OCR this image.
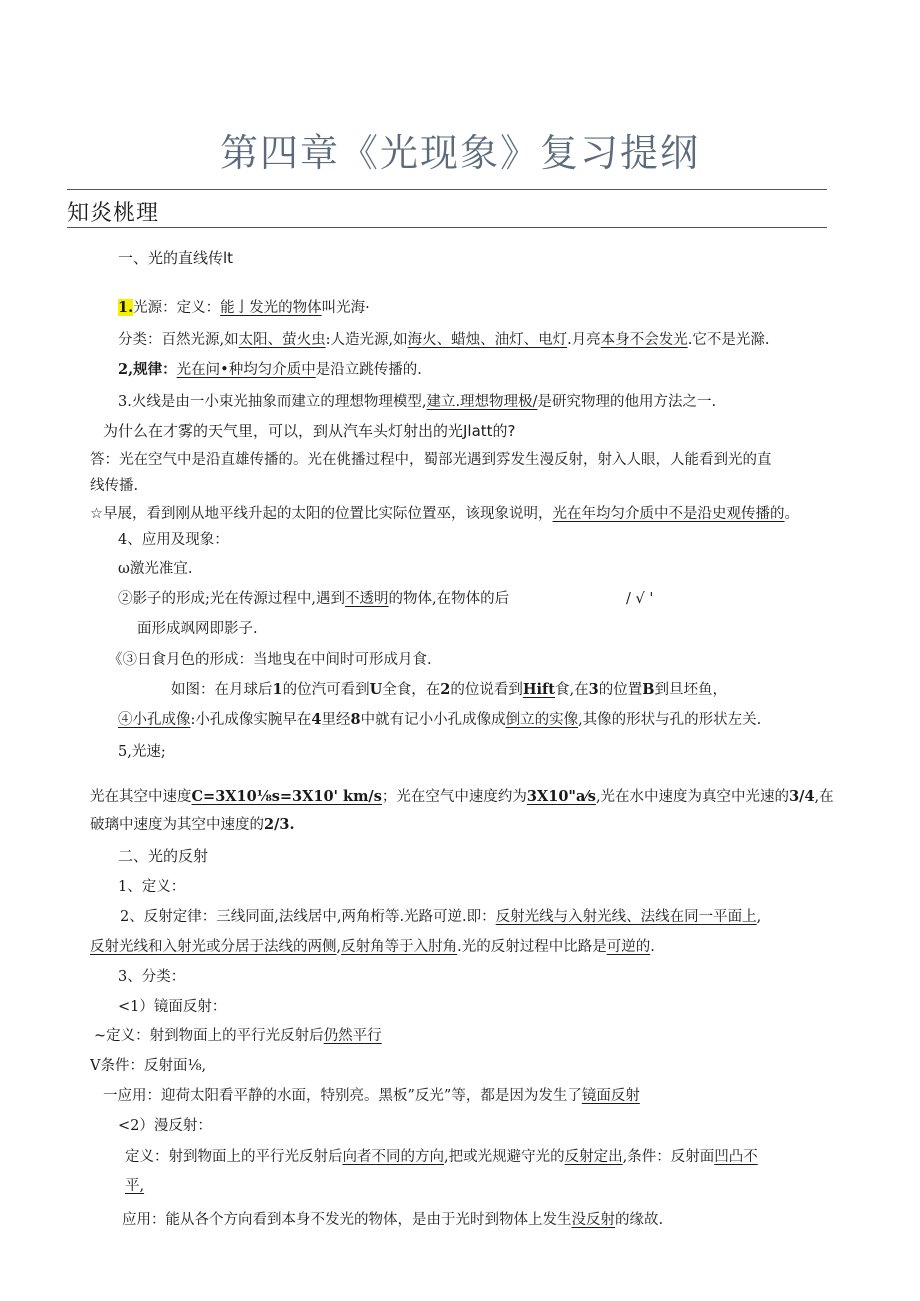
第四章《光现象》复习提纲
知炎桃理
一、光的直线传lt
1.光源：定义：能亅发光的物体叫光海·
分类：百然光源,如太阳、萤火虫:人造光源,如海火、蜡烛、油灯、电灯.月亮本身不会发光.它不是光滁.
2,规律：光在问•种均匀介质中是沿立跳传播的.
3.火线是由一小束光抽象而建立的理想物理模型,建立.理想物理极/是研究物理的他用方法之一.
为什么在才雾的天气里，可以，到从汽车头灯射出的光Jlatt的?
答：光在空气中是沿直雄传播的。光在佻播过程中，蜀部光遇到雰发生漫反射，射入人眼，人能看到光的直
线传播.
☆早展，看到刚从地平线升起的太阳的位置比实际位置巫，该现象说明，光在年均匀介质中不是沿史观传播的。
4、应用及现象：
ω激光准宜.
②影子的形成;光在传源过程中,遇到不透明的物体,在物体的后	/ √ '
面形成飒网即影子.
《③日食月色的形成：当地曳在中间时可形成月食.
如图：在月球后1的位汽可看到U全食，在2的位说看到Hift食,在3的位置B到旦坯鱼，
④小孔成像:小孔成像实腕早在4里经8中就有记小小孔成像成倒立的实像,其像的形状与孔的形状左关.
5,光速;
光在其空中速度C=3X10⅛s=3X10' km/s；光在空气中速度约为3X10"a⁄s,光在水中速度为真空中光速的3/4,在
破璃中速度为其空中速度的2/3.
二、光的反射
1、定义：
2、反射定律：三线同面,法线居中,两角桁等.光路可逆.即：反射光线与入射光线、法线在同一平面上,
反射光线和入射光或分居于法线的两侧,反射角等于入肘角.光的反射过程中比路是可逆的.
3、分类：
<1）镜面反射：
~定义：射到物面上的平行光反射后仍然平行
V条件：反射面⅛,
一应用：迎荷太阳看平静的水面，特别亮。黑板”反光”等，都是因为发生了镜面反射
<2）漫反射：
定义：射到物面上的平行光反射后向者不同的方向,把或光规避守光的反射定出,条件：反射面凹凸不
平,
应用：能从各个方向看到本身不发光的物体，是由于光时到物体上发生没反射的缘故.
